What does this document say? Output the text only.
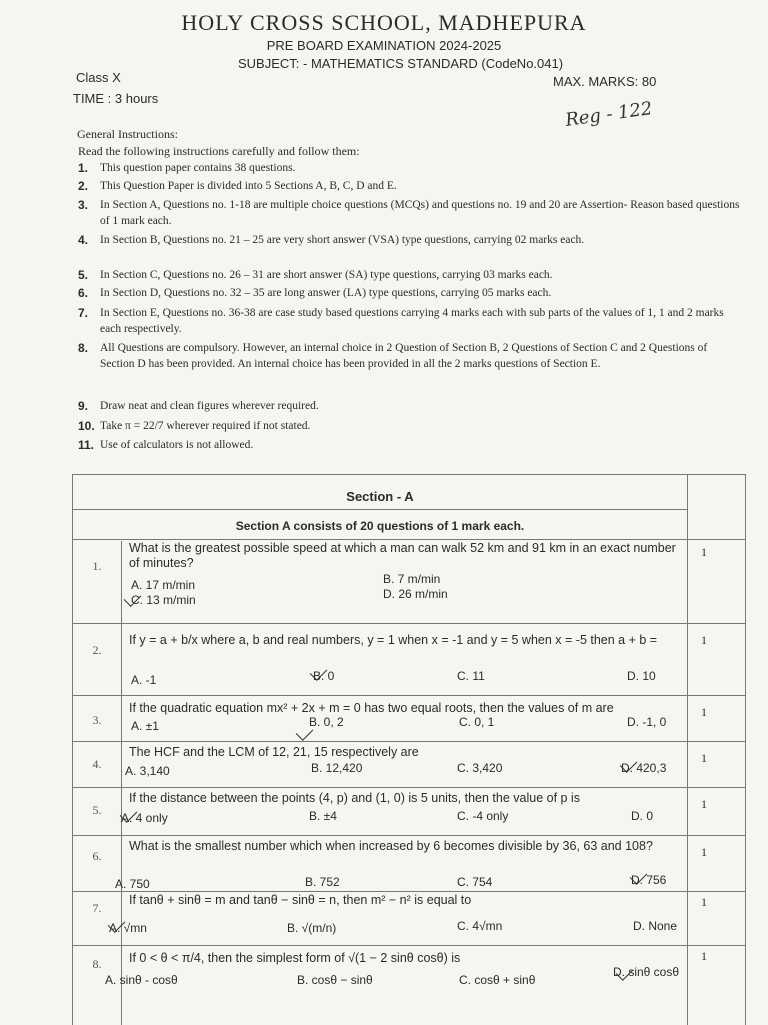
HOLY CROSS SCHOOL, MADHEPURA
PRE BOARD EXAMINATION 2024-2025
SUBJECT: - MATHEMATICS STANDARD (CodeNo.041)
Class X
TIME : 3 hours
MAX. MARKS: 80
Reg - 122
General Instructions:
Read the following instructions carefully and follow them:
1. This question paper contains 38 questions.
2. This Question Paper is divided into 5 Sections A, B, C, D and E.
3. In Section A, Questions no. 1-18 are multiple choice questions (MCQs) and questions no. 19 and 20 are Assertion- Reason based questions of 1 mark each.
4. In Section B, Questions no. 21 – 25 are very short answer (VSA) type questions, carrying 02 marks each.
5. In Section C, Questions no. 26 – 31 are short answer (SA) type questions, carrying 03 marks each.
6. In Section D, Questions no. 32 – 35 are long answer (LA) type questions, carrying 05 marks each.
7. In Section E, Questions no. 36-38 are case study based questions carrying 4 marks each with sub parts of the values of 1, 1 and 2 marks each respectively.
8. All Questions are compulsory. However, an internal choice in 2 Question of Section B, 2 Questions of Section C and 2 Questions of Section D has been provided. An internal choice has been provided in all the 2 marks questions of Section E.
9. Draw neat and clean figures wherever required.
10. Take π = 22/7 wherever required if not stated.
11. Use of calculators is not allowed.
Section - A
Section A consists of 20 questions of 1 mark each.
1.
What is the greatest possible speed at which a man can walk 52 km and 91 km in an exact number of minutes?
A. 17 m/min	B. 7 m/min
C. 13 m/min	D. 26 m/min
1
2.
If y = a + b/x where a, b and real numbers, y = 1 when x = -1 and y = 5 when x = -5 then a + b =
A. -1	B. 0	C. 11	D. 10
1
3.
If the quadratic equation mx² + 2x + m = 0 has two equal roots, then the values of m are
A. ±1	B. 0, 2	C. 0, 1	D. -1, 0
1
4.
The HCF and the LCM of 12, 21, 15 respectively are
A. 3,140	B. 12,420	C. 3,420	D. 420,3
1
5.
If the distance between the points (4, p) and (1, 0) is 5 units, then the value of p is
A. 4 only	B. ±4	C. -4 only	D. 0
1
6.
What is the smallest number which when increased by 6 becomes divisible by 36, 63 and 108?
A. 750	B. 752	C. 754	D. 756
1
7.
If tanθ + sinθ = m and tanθ − sinθ = n, then m² − n² is equal to
A. √mn	B. √(m/n)	C. 4√mn	D. None
1
8.	If 0 < θ < π/4, then the simplest form of √(1 − 2 sinθ cosθ) is
A. sinθ - cosθ	B. cosθ − sinθ	C. cosθ + sinθ
D. sinθ cosθ
1
